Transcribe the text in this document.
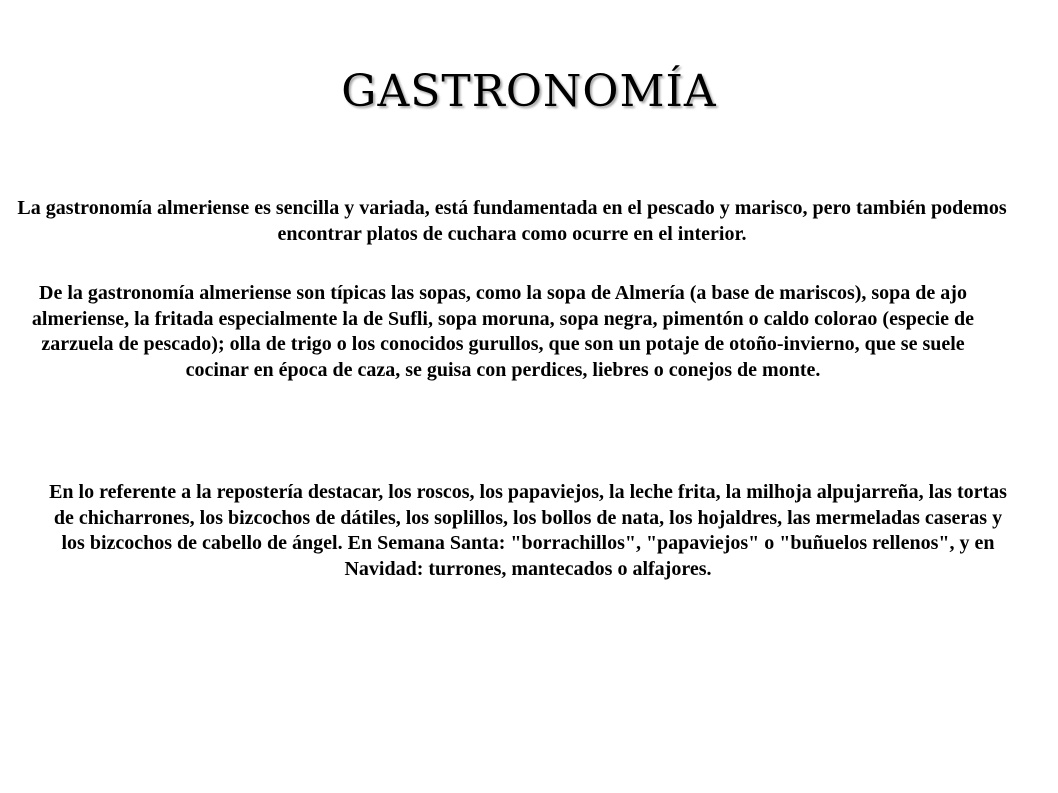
GASTRONOMÍA

La gastronomía almeriense es sencilla y variada, está fundamentada en el pescado y marisco, pero también podemos encontrar platos de cuchara como ocurre en el interior.

De la gastronomía almeriense son típicas las sopas, como la sopa de Almería (a base de mariscos), sopa de ajo almeriense, la fritada especialmente la de Sufli, sopa moruna, sopa negra, pimentón o caldo colorao (especie de zarzuela de pescado); olla de trigo o los conocidos gurullos, que son un potaje de otoño-invierno, que se suele cocinar en época de caza, se guisa con perdices, liebres o conejos de monte.

En lo referente a la repostería destacar, los roscos, los papaviejos, la leche frita, la milhoja alpujarreña, las tortas de chicharrones, los bizcochos de dátiles, los soplillos, los bollos de nata, los hojaldres, las mermeladas caseras y los bizcochos de cabello de ángel. En Semana Santa: "borrachillos", "papaviejos" o "buñuelos rellenos", y en Navidad: turrones, mantecados o alfajores.
